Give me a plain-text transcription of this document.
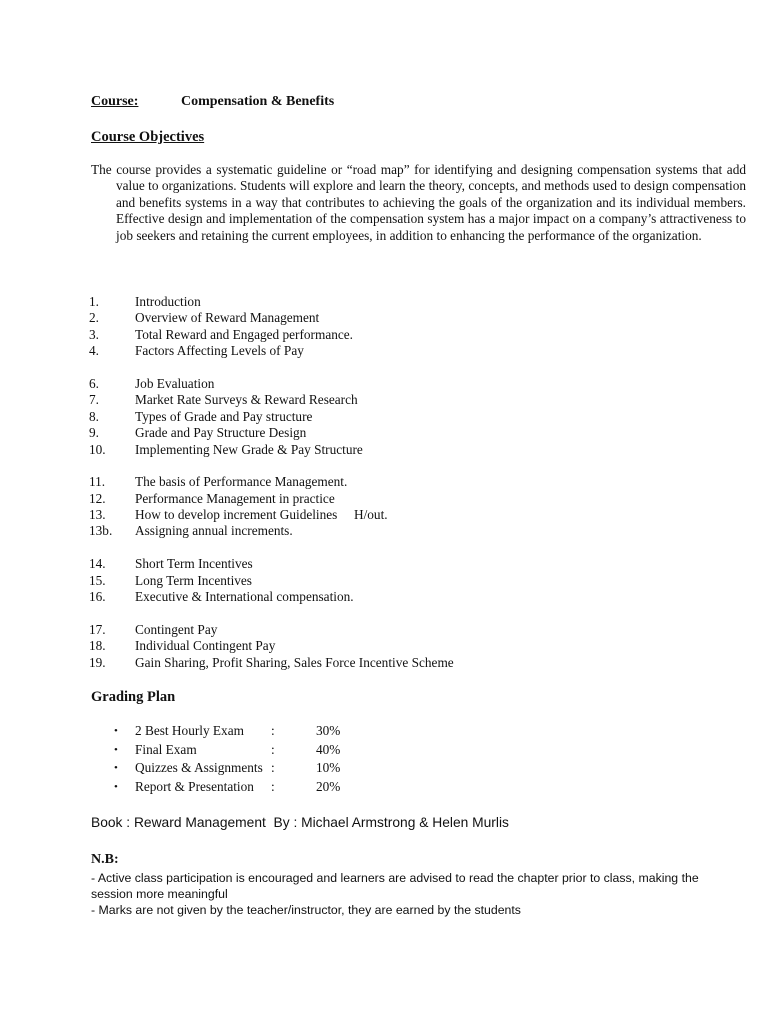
Course:	Compensation & Benefits
Course Objectives
The course provides a systematic guideline or “road map” for identifying and designing compensation systems that add value to organizations. Students will explore and learn the theory, concepts, and methods used to design compensation and benefits systems in a way that contributes to achieving the goals of the organization and its individual members. Effective design and implementation of the compensation system has a major impact on a company’s attractiveness to job seekers and retaining the current employees, in addition to enhancing the performance of the organization.
1.	Introduction
2.	Overview of Reward Management
3.	Total Reward and Engaged performance.
4.	Factors Affecting Levels of Pay
6.	Job Evaluation
7.	Market Rate Surveys & Reward Research
8.	Types of Grade and Pay structure
9.	Grade and Pay Structure Design
10. Implementing New Grade & Pay Structure
11. The basis of Performance Management.
12. Performance Management in practice
13. How to develop increment Guidelines     H/out.
13b. Assigning annual increments.
14. Short Term Incentives
15. Long Term Incentives
16. Executive & International compensation.
17. Contingent Pay
18. Individual Contingent Pay
19. Gain Sharing, Profit Sharing, Sales Force Incentive Scheme
Grading Plan
• 2 Best Hourly Exam :	30%
• Final Exam	:	40%
• Quizzes & Assignments :	10%
• Report & Presentation :	20%
Book : Reward Management  By : Michael Armstrong & Helen Murlis
N.B:

- Active class participation is encouraged and learners are advised to read the chapter prior to class, making the session more meaningful

- Marks are not given by the teacher/instructor, they are earned by the students
